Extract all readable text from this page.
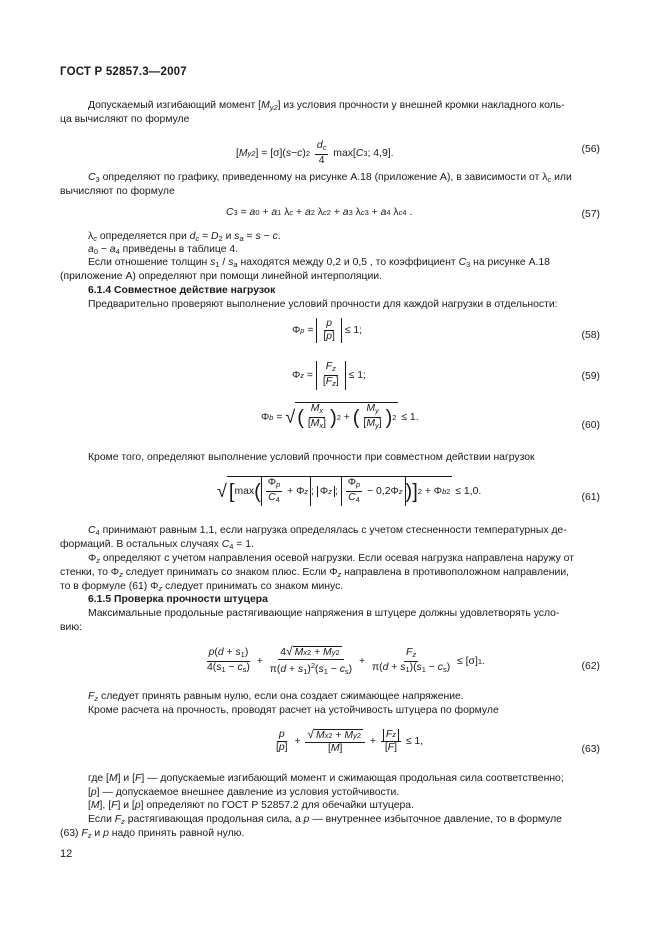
ГОСТ Р 52857.3—2007
Допускаемый изгибающий момент $[M_{y2}]$ из условия прочности у внешней кромки накладного коль-
ца вычисляют по формуле
[ M y2 ] = [σ]( s − c ) 2

$d_c$
4
max[ C 3 ; 4,9].	(56)
$C_3$ определяют по графику, приведенному на рисунке А.18 (приложение А), в зависимости от $\lambda_c$ или
вычисляют по формуле
C 3 = a 0 + a 1 λ c + a 2 λ c 2 + a 3 λ c 3 + a 4 λ c 4 .	(57)
$\lambda_c$ определяется при $d_c = D_2$ и $s_a = s - c$.
$a_0 - a_4$ приведены в таблице 4.
Если отношение толщин $s_1 / s_a$ находятся между 0,2 и 0,5 , то коэффициент $C_3$ на рисунке А.18
(приложение А) определяют при помощи линейной интерполяции.
6.1.4 Совместное действие нагрузок
Предварительно проверяют выполнение условий прочности для каждой нагрузки в отдельности:
Φ p =
p
[p]
≤ 1;	(58)
Φ z =
$F_z$
$[F_z]$
≤ 1;	(59)
Φ b = √ ( $M_x$
$[M_x]$ ) 2 + ( $M_y$
$[M_y]$ ) 2 ≤ 1.
(60)
Кроме того, определяют выполнение условий прочности при совместном действии нагрузок
√ [ max ( $\Phi_p$
$C_4$
+ Φ z ; Φ z ;
$\Phi_p$
$C_4$
− 0,2Φ z ) ] 2 + Φ b 2 ≤ 1,0.
(61)
$C_4$ принимают равным 1,1, если нагрузка определялась с учетом стесненности температурных де-
формаций. В остальных случаях $C_4 = 1$.
$\Phi_z$ определяют с учетом направления осевой нагрузки. Если осевая нагрузка направлена наружу от
стенки, то $\Phi_z$ следует принимать со знаком плюс. Если $\Phi_z$ направлена в противоположном направлении,
то в формуле (61) $\Phi_z$ следует принимать со знаком минус.
6.1.5 Проверка прочности штуцера
Максимальные продольные растягивающие напряжения в штуцере должны удовлетворять усло-
вию:
$p(d + s_1)$
$4(s_1 - c_s)$
+
4√ M x 2 + M y 2
$\pi(d + s_1)^2(s_1 - c_s)$
+
$F_z$
$\pi(d + s_1)(s_1 - c_s)$
≤ [σ] 1 .	(62)
$F_z$ следует принять равным нулю, если она создает сжимающее напряжение.
Кроме расчета на прочность, проводят расчет на устойчивость штуцера по формуле
p
[p]
+
√ M x 2 + M y 2
[M]
+
F z
[F]
≤ 1,
(63)
где [M] и [F] — допускаемые изгибающий момент и сжимающая продольная сила соответственно;
[p] — допускаемое внешнее давление из условия устойчивости.
[M], [F] и [p] определяют по ГОСТ Р 52857.2 для обечайки штуцера.
Если $F_z$ растягивающая продольная сила, а p — внутреннее избыточное давление, то в формуле
(63) $F_z$ и p надо принять равной нулю.
12
